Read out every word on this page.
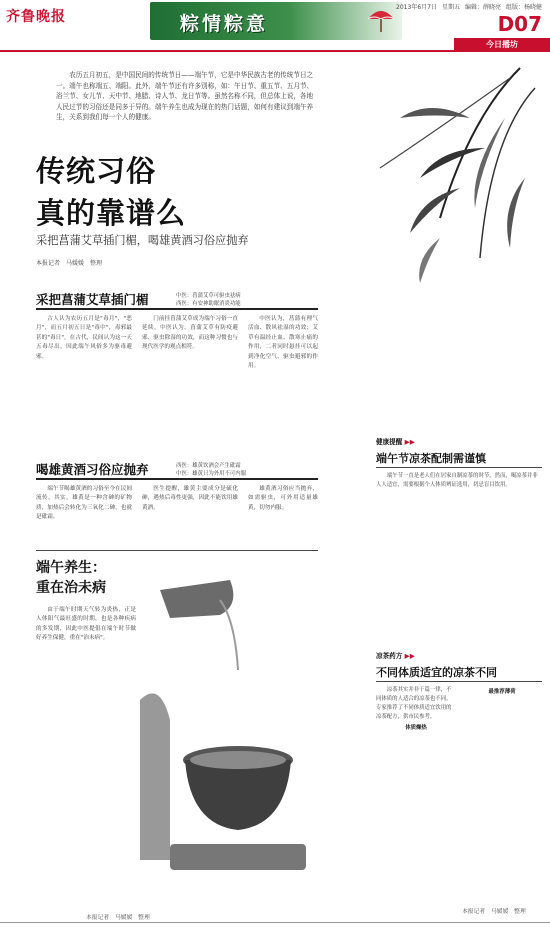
齐鲁晚报	粽情粽意
2013年6月7日 星期五 编辑：薛晓亮 组版：杨晓健
D07
今日播坊
农历五月初五，是中国民间的传统节日——端午节，它是中华民族古老的传统节日之一。端午也称端五、端阳。此外，端午节还有许多别称，如：午日节、重五节、五月节、浴兰节、女儿节、天中节、地腊、诗人节、龙日节等。虽然名称不同，但总体上说，各地人民过节的习俗还是同多于异的。端午养生也成为现在的热门话题，如何有建议到端午养生，关系到我们每一个人的健康。
传统习俗
真的靠谱么
采把菖蒲艾草插门楣，喝雄黄酒习俗应抛弃
本报记者　马媛媛　整理
采把菖蒲艾草插门楣	中医：菖蒲艾草可驱虫祛病
西医：有安神助眠消炎功能

古人认为农历五月是"毒月"，"恶月"，而五月初五日是"毒中"，毒邪最甚的"毒日"。在古代，民间认为这一天五毒尽出，因此端午风俗多为驱毒避邪。

门前挂菖蒲艾草成为端午习俗一直延续。中医认为，菖蒲艾草有防疫避邪、驱虫除湿的功效，而这种习惯也与现代医学的观点相符。

中医认为，菖蒲有理气活血、散风祛湿的功效；艾草有温经止血、散寒止痛的作用，二者同时悬挂可以起到净化空气、驱虫避邪的作用。

喝雄黄酒习俗应抛弃	西医：雄黄饮酒会产生砒霜
中医：雄黄只为外用不可内服

端午节喝雄黄酒的习俗至今在民间流传。其实，雄黄是一种含砷的矿物质，加热后会转化为三氧化二砷，也就是砒霜。

医生提醒，雄黄主要成分是硫化砷，遇热后毒性更强，因此不能饮用雄黄酒。

雄黄酒习俗应当抛弃，如需驱虫，可外用适量雄黄，切勿内服。

端午养生：
重在治未病

由于端午时期天气转为炎热，正是人体阳气最旺盛的时期，也是各种疾病的多发期，因此中医提倡在端午时节做好养生保健，重在"治未病"。

本报记者　马媛媛　整理
健康提醒 ▶▶
端午节凉茶配制需谨慎

端午节一直是老人们在居家自制凉茶的时节，然而，喝凉茶并非人人适宜，需要根据个人体质辨证选用，切忌盲目饮用。

凉茶药方 ▶▶
不同体质适宜的凉茶不同

凉茶其实并非千篇一律，不同体质的人适合的凉茶也不同。专家推荐了不同体质适宜饮用的凉茶配方，供市民参考。

体质燥热

最推荐薄荷

本报记者　马媛媛　整理
